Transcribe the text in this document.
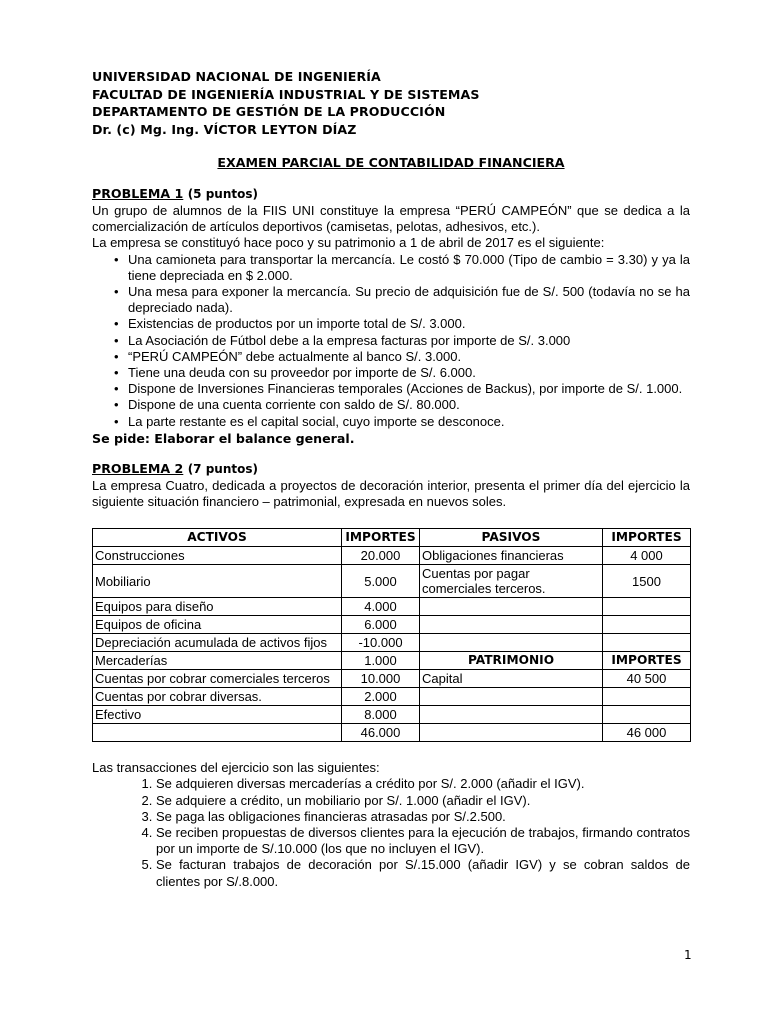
UNIVERSIDAD NACIONAL DE INGENIERÍA
FACULTAD DE INGENIERÍA INDUSTRIAL Y DE SISTEMAS
DEPARTAMENTO DE GESTIÓN DE LA PRODUCCIÓN
Dr. (c) Mg. Ing. VÍCTOR LEYTON DÍAZ
EXAMEN PARCIAL DE CONTABILIDAD FINANCIERA
PROBLEMA 1 (5 puntos)

Un grupo de alumnos de la FIIS UNI constituye la empresa “PERÚ CAMPEÓN” que se dedica a la comercialización de artículos deportivos (camisetas, pelotas, adhesivos, etc.).

La empresa se constituyó hace poco y su patrimonio a 1 de abril de 2017 es el siguiente:

• Una camioneta para transportar la mercancía. Le costó $ 70.000 (Tipo de cambio = 3.30) y ya la tiene depreciada en $ 2.000.
• Una mesa para exponer la mercancía. Su precio de adquisición fue de S/. 500 (todavía no se ha depreciado nada).
• Existencias de productos por un importe total de S/. 3.000.
• La Asociación de Fútbol debe a la empresa facturas por importe de S/. 3.000
• “PERÚ CAMPEÓN” debe actualmente al banco S/. 3.000.
• Tiene una deuda con su proveedor por importe de S/. 6.000.
• Dispone de Inversiones Financieras temporales (Acciones de Backus), por importe de S/. 1.000.
• Dispone de una cuenta corriente con saldo de S/. 80.000.
• La parte restante es el capital social, cuyo importe se desconoce.
Se pide: Elaborar el balance general.
PROBLEMA 2 (7 puntos)

La empresa Cuatro, dedicada a proyectos de decoración interior, presenta el primer día del ejercicio la siguiente situación financiero – patrimonial, expresada en nuevos soles.

ACTIVOS	IMPORTES	PASIVOS	IMPORTES
Construcciones	20.000	Obligaciones financieras	4 000
Mobiliario	5.000	Cuentas por pagar comerciales terceros.	1500
Equipos para diseño	4.000		
Equipos de oficina	6.000		
Depreciación acumulada de activos fijos	-10.000		
Mercaderías	1.000	PATRIMONIO	IMPORTES
Cuentas por cobrar comerciales terceros	10.000	Capital	40 500
Cuentas por cobrar diversas.	2.000		
Efectivo	8.000		
	46.000		46 000

Las transacciones del ejercicio son las siguientes:

1. Se adquieren diversas mercaderías a crédito por S/. 2.000 (añadir el IGV).
2. Se adquiere a crédito, un mobiliario por S/. 1.000 (añadir el IGV).
3. Se paga las obligaciones financieras atrasadas por S/.2.500.
4. Se reciben propuestas de diversos clientes para la ejecución de trabajos, firmando contratos por un importe de S/.10.000 (los que no incluyen el IGV).
5. Se facturan trabajos de decoración por S/.15.000 (añadir IGV) y se cobran saldos de clientes por S/.8.000.
1
